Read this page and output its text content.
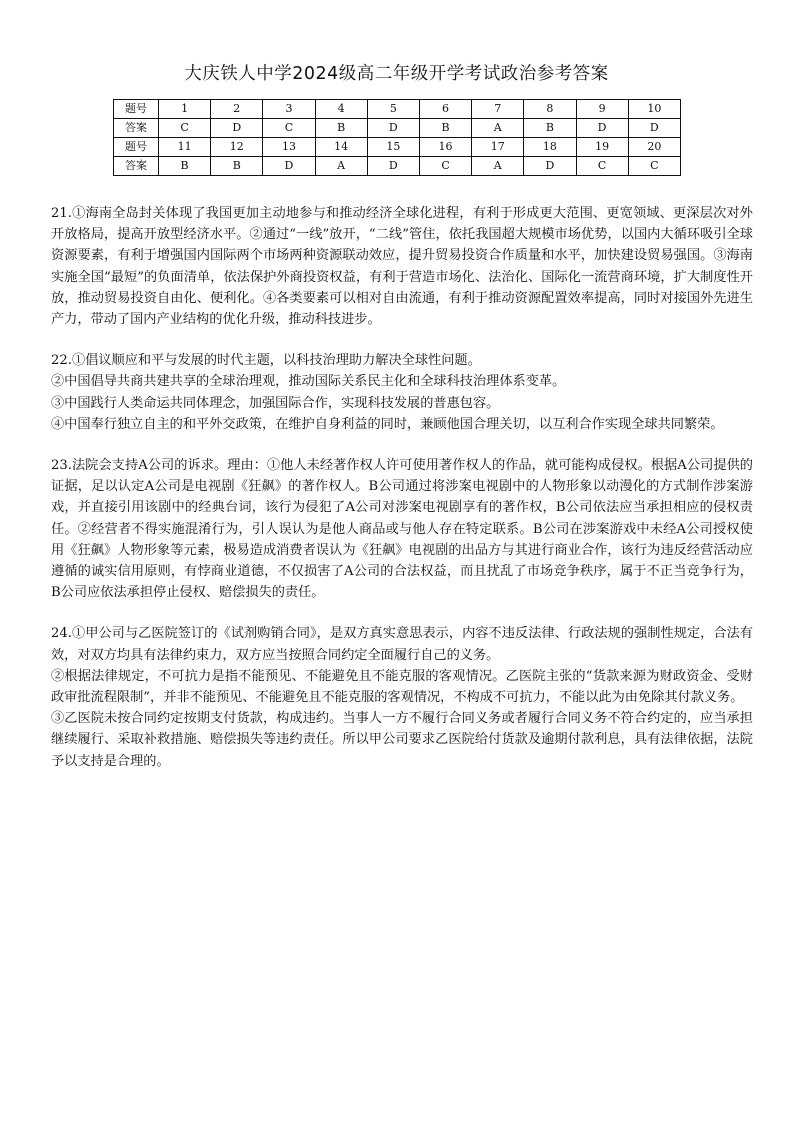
大庆铁人中学2024级高二年级开学考试政治参考答案
题号	1	2	3	4	5	6	7	8	9	10
答案	C	D	C	B	D	B	A	B	D	D
题号	11	12	13	14	15	16	17	18	19	20
答案	B	B	D	A	D	C	A	D	C	C

21.①海南全岛封关体现了我国更加主动地参与和推动经济全球化进程，有利于形成更大范围、更宽领域、更深层次对外开放格局，提高开放型经济水平。②通过“一线”放开，“二线”管住，依托我国超大规模市场优势，以国内大循环吸引全球资源要素，有利于增强国内国际两个市场两种资源联动效应，提升贸易投资合作质量和水平，加快建设贸易强国。③海南实施全国“最短”的负面清单，依法保护外商投资权益，有利于营造市场化、法治化、国际化一流营商环境，扩大制度性开放，推动贸易投资自由化、便利化。④各类要素可以相对自由流通，有利于推动资源配置效率提高，同时对接国外先进生产力，带动了国内产业结构的优化升级，推动科技进步。

22.①倡议顺应和平与发展的时代主题，以科技治理助力解决全球性问题。

②中国倡导共商共建共享的全球治理观，推动国际关系民主化和全球科技治理体系变革。

③中国践行人类命运共同体理念，加强国际合作，实现科技发展的普惠包容。

④中国奉行独立自主的和平外交政策，在维护自身利益的同时，兼顾他国合理关切，以互利合作实现全球共同繁荣。

23.法院会支持A公司的诉求。理由：①他人未经著作权人许可使用著作权人的作品，就可能构成侵权。根据A公司提供的证据，足以认定A公司是电视剧《狂飙》的著作权人。B公司通过将涉案电视剧中的人物形象以动漫化的方式制作涉案游戏，并直接引用该剧中的经典台词，该行为侵犯了A公司对涉案电视剧享有的著作权，B公司依法应当承担相应的侵权责任。②经营者不得实施混淆行为，引人误认为是他人商品或与他人存在特定联系。B公司在涉案游戏中未经A公司授权使用《狂飙》人物形象等元素，极易造成消费者误认为《狂飙》电视剧的出品方与其进行商业合作，该行为违反经营活动应遵循的诚实信用原则，有悖商业道德，不仅损害了A公司的合法权益，而且扰乱了市场竞争秩序，属于不正当竞争行为，B公司应依法承担停止侵权、赔偿损失的责任。

24.①甲公司与乙医院签订的《试剂购销合同》，是双方真实意思表示，内容不违反法律、行政法规的强制性规定，合法有效，对双方均具有法律约束力，双方应当按照合同约定全面履行自己的义务。

②根据法律规定，不可抗力是指不能预见、不能避免且不能克服的客观情况。乙医院主张的“货款来源为财政资金、受财政审批流程限制”，并非不能预见、不能避免且不能克服的客观情况，不构成不可抗力，不能以此为由免除其付款义务。

③乙医院未按合同约定按期支付货款，构成违约。当事人一方不履行合同义务或者履行合同义务不符合约定的，应当承担继续履行、采取补救措施、赔偿损失等违约责任。所以甲公司要求乙医院给付货款及逾期付款利息，具有法律依据，法院予以支持是合理的。
